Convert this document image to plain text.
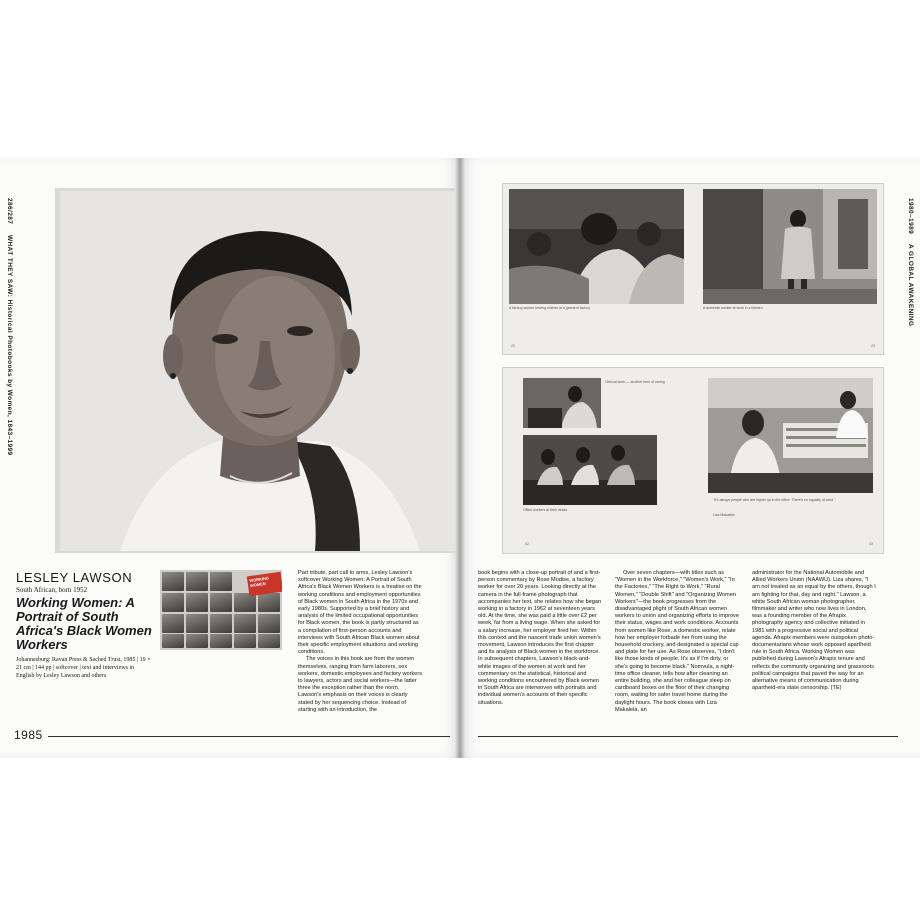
286/287 WHAT THEY SAW: Historical Photobooks by Women, 1843–1999
LESLEY LAWSON
South African, born 1952
Working Women: A Portrait of South Africa's Black Women Workers
Johannesburg: Ravan Press & Sached Trust, 1985 | 19 × 21 cm | 144 pp | softcover | text and interviews in English by Lesley Lawson and others
WORKING WOMEN

Part tribute, part call to arms, Lesley Lawson's softcover Working Women: A Portrait of South Africa's Black Women Workers is a treatise on the working conditions and employment opportunities of Black women in South Africa in the 1970s and early 1980s. Supported by a brief history and analysis of the limited occupational opportunities for Black women, the book is partly structured as a compilation of first-person accounts and interviews with South African Black women about their specific employment situations and working conditions.

The voices in this book are from the women themselves, ranging from farm laborers, sex workers, domestic employees and factory workers to lawyers, actors and social workers—the latter three the exception rather than the norm. Lawson's emphasis on their voices is clearly stated by her sequencing choice. Instead of starting with an introduction, the

1985
1980–1989 A GLOBAL AWAKENING
A factory worker sewing clothes at a garment factory	A domestic worker at work in a kitchen
22	23
Clerical work — another form of caring
Office workers at their desks
"It's always people who are higher up in the office. There's no equality at work."
Liza Makalela
42	43

book begins with a close-up portrait of and a first-person commentary by Rose Modise, a factory worker for over 20 years. Looking directly at the camera in the full-frame photograph that accompanies her text, she relates how she began working in a factory in 1962 at seventeen years old. At the time, she was paid a little over £2 per week, far from a living wage. When she asked for a salary increase, her employer fired her. Within this context and the nascent trade union women's movement, Lawson introduces the first chapter and its analysis of Black women in the workforce. In subsequent chapters, Lawson's black-and-white images of the women at work and her commentary on the statistical, historical and working conditions encountered by Black women in South Africa are interwoven with portraits and individual women's accounts of their specific situations.

Over seven chapters—with titles such as "Women in the Workforce," "Women's Work," "In the Factories," "The Right to Work," "Rural Women," "Double Shift" and "Organizing Women Workers"—the book progresses from the disadvantaged plight of South African women workers to union and organizing efforts to improve their status, wages and work conditions. Accounts from women like Rose, a domestic worker, relate how her employer forbade her from using the household crockery, and designated a special cup and plate for her use. As Rose observes, "I don't like those kinds of people. It's as if I'm dirty, or she's going to become black." Nomvula, a night-time office cleaner, tells how after cleaning an entire building, she and her colleague sleep on cardboard boxes on the floor of their changing room, waiting for safer travel home during the daylight hours. The book closes with Liza Makalela, an

administrator for the National Automobile and Allied Workers Union (NAAWU). Liza shares, "I am not treated as an equal by the others, though I am fighting for that, day and night." Lawson, a white South African woman photographer, filmmaker and writer who now lives in London, was a founding member of the Afrapix photography agency and collective initiated in 1981 with a progressive social and political agenda. Afrapix members were outspoken photo-documentarians whose work opposed apartheid rule in South Africa. Working Women was published during Lawson's Afrapix tenure and reflects the community organizing and grassroots political campaigns that paved the way for an alternative means of communication during apartheid-era state censorship. (TE)
